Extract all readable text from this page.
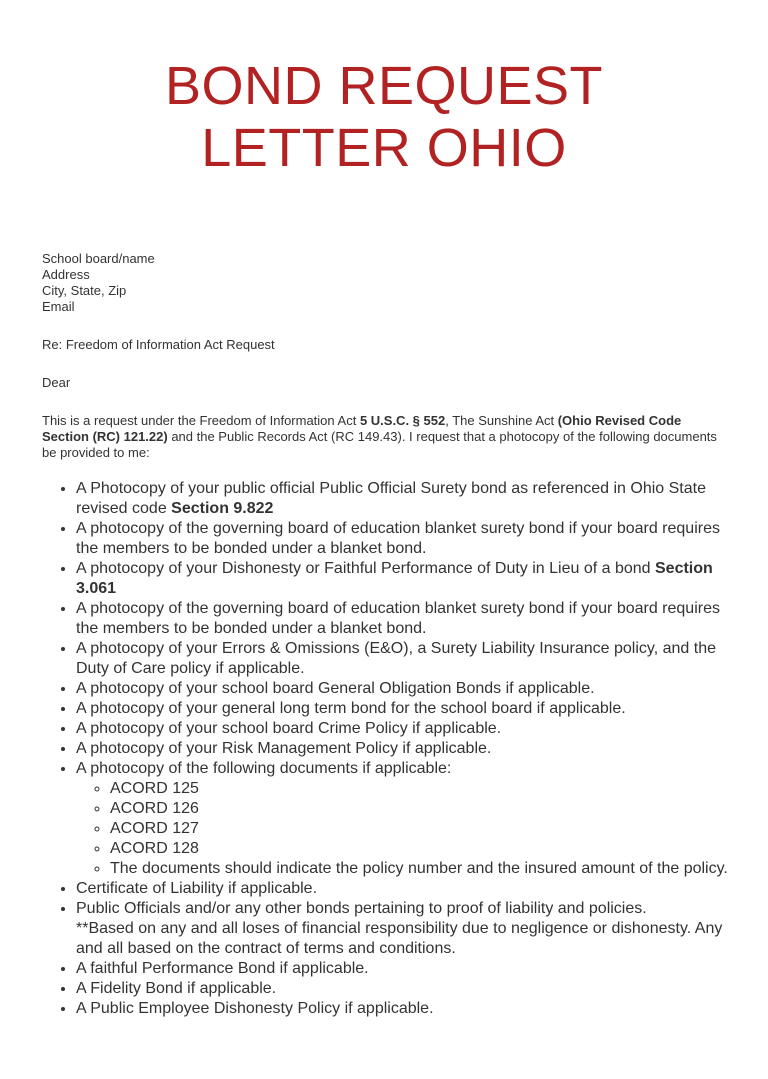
BOND REQUEST
LETTER OHIO
School board/name
Address
City, State, Zip
Email
Re: Freedom of Information Act Request
Dear
This is a request under the Freedom of Information Act 5 U.S.C. § 552, The Sunshine Act (Ohio Revised Code Section (RC) 121.22) and the Public Records Act (RC 149.43). I request that a photocopy of the following documents be provided to me:
• A Photocopy of your public official Public Official Surety bond as referenced in Ohio State revised code Section 9.822
• A photocopy of the governing board of education blanket surety bond if your board requires the members to be bonded under a blanket bond.
• A photocopy of your Dishonesty or Faithful Performance of Duty in Lieu of a bond Section 3.061
• A photocopy of the governing board of education blanket surety bond if your board requires the members to be bonded under a blanket bond.
• A photocopy of your Errors & Omissions (E&O), a Surety Liability Insurance policy, and the Duty of Care policy if applicable.
• A photocopy of your school board General Obligation Bonds if applicable.
• A photocopy of your general long term bond for the school board if applicable.
• A photocopy of your school board Crime Policy if applicable.
• A photocopy of your Risk Management Policy if applicable.
• A photocopy of the following documents if applicable:
◦ ACORD 125
◦ ACORD 126
◦ ACORD 127
◦ ACORD 128
◦ The documents should indicate the policy number and the insured amount of the policy.
• Certificate of Liability if applicable.
• Public Officials and/or any other bonds pertaining to proof of liability and policies.
**Based on any and all loses of financial responsibility due to negligence or dishonesty. Any and all based on the contract of terms and conditions.
• A faithful Performance Bond if applicable.
• A Fidelity Bond if applicable.
• A Public Employee Dishonesty Policy if applicable.
